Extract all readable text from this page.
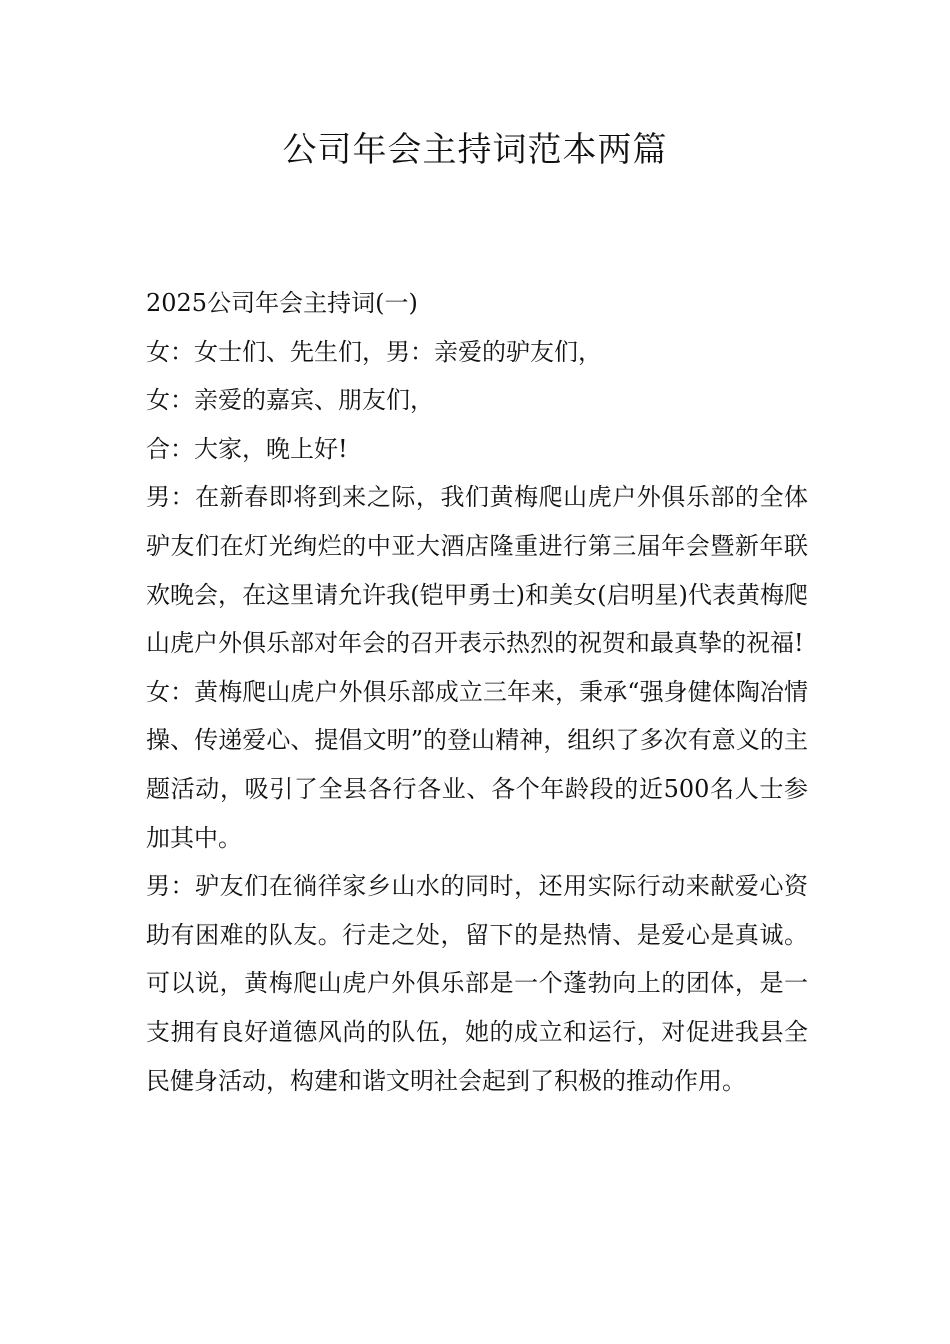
公司年会主持词范本两篇

2025公司年会主持词(一)

女：女士们、先生们，男：亲爱的驴友们，

女：亲爱的嘉宾、朋友们，

合：大家，晚上好!

男：在新春即将到来之际，我们黄梅爬山虎户外俱乐部的全体驴友们在灯光绚烂的中亚大酒店隆重进行第三届年会暨新年联欢晚会，在这里请允许我(铠甲勇士)和美女(启明星)代表黄梅爬山虎户外俱乐部对年会的召开表示热烈的祝贺和最真挚的祝福!

女：黄梅爬山虎户外俱乐部成立三年来，秉承“强身健体陶冶情操、传递爱心、提倡文明”的登山精神，组织了多次有意义的主题活动，吸引了全县各行各业、各个年龄段的近500名人士参加其中。

男：驴友们在徜徉家乡山水的同时，还用实际行动来献爱心资助有困难的队友。行走之处，留下的是热情、是爱心是真诚。可以说，黄梅爬山虎户外俱乐部是一个蓬勃向上的团体，是一支拥有良好道德风尚的队伍，她的成立和运行，对促进我县全民健身活动，构建和谐文明社会起到了积极的推动作用。
